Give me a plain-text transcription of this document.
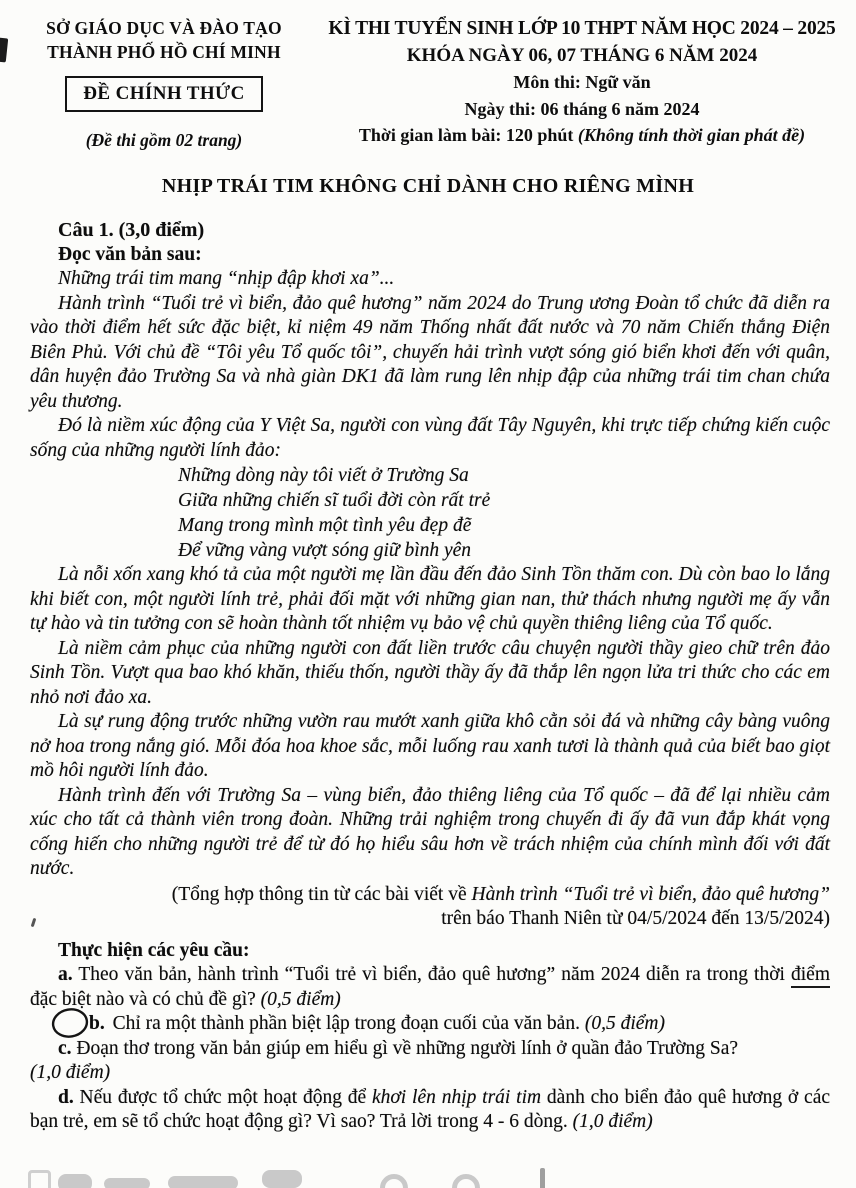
SỞ GIÁO DỤC VÀ ĐÀO TẠO
THÀNH PHỐ HỒ CHÍ MINH
ĐỀ CHÍNH THỨC
(Đề thi gồm 02 trang)
KÌ THI TUYỂN SINH LỚP 10 THPT NĂM HỌC 2024 – 2025
KHÓA NGÀY 06, 07 THÁNG 6 NĂM 2024
Môn thi: Ngữ văn
Ngày thi: 06 tháng 6 năm 2024
Thời gian làm bài: 120 phút (Không tính thời gian phát đề)
NHỊP TRÁI TIM KHÔNG CHỈ DÀNH CHO RIÊNG MÌNH
Câu 1. (3,0 điểm)
Đọc văn bản sau:

Những trái tim mang “nhịp đập khơi xa”...

Hành trình “Tuổi trẻ vì biển, đảo quê hương” năm 2024 do Trung ương Đoàn tổ chức đã diễn ra vào thời điểm hết sức đặc biệt, kỉ niệm 49 năm Thống nhất đất nước và 70 năm Chiến thắng Điện Biên Phủ. Với chủ đề “Tôi yêu Tổ quốc tôi”, chuyến hải trình vượt sóng gió biển khơi đến với quân, dân huyện đảo Trường Sa và nhà giàn DK1 đã làm rung lên nhịp đập của những trái tim chan chứa yêu thương.

Đó là niềm xúc động của Y Việt Sa, người con vùng đất Tây Nguyên, khi trực tiếp chứng kiến cuộc sống của những người lính đảo:

Những dòng này tôi viết ở Trường Sa
Giữa những chiến sĩ tuổi đời còn rất trẻ
Mang trong mình một tình yêu đẹp đẽ
Để vững vàng vượt sóng giữ bình yên

Là nỗi xốn xang khó tả của một người mẹ lần đầu đến đảo Sinh Tồn thăm con. Dù còn bao lo lắng khi biết con, một người lính trẻ, phải đối mặt với những gian nan, thử thách nhưng người mẹ ấy vẫn tự hào và tin tưởng con sẽ hoàn thành tốt nhiệm vụ bảo vệ chủ quyền thiêng liêng của Tổ quốc.

Là niềm cảm phục của những người con đất liền trước câu chuyện người thầy gieo chữ trên đảo Sinh Tồn. Vượt qua bao khó khăn, thiếu thốn, người thầy ấy đã thắp lên ngọn lửa tri thức cho các em nhỏ nơi đảo xa.

Là sự rung động trước những vườn rau mướt xanh giữa khô cằn sỏi đá và những cây bàng vuông nở hoa trong nắng gió. Mỗi đóa hoa khoe sắc, mỗi luống rau xanh tươi là thành quả của biết bao giọt mồ hôi người lính đảo.

Hành trình đến với Trường Sa – vùng biển, đảo thiêng liêng của Tổ quốc – đã để lại nhiều cảm xúc cho tất cả thành viên trong đoàn. Những trải nghiệm trong chuyến đi ấy đã vun đắp khát vọng cống hiến cho những người trẻ để từ đó họ hiểu sâu hơn về trách nhiệm của chính mình đối với đất nước.

(Tổng hợp thông tin từ các bài viết về Hành trình “Tuổi trẻ vì biển, đảo quê hương”
trên báo Thanh Niên từ 04/5/2024 đến 13/5/2024)
Thực hiện các yêu cầu:

a. Theo văn bản, hành trình “Tuổi trẻ vì biển, đảo quê hương” năm 2024 diễn ra trong thời điểm đặc biệt nào và có chủ đề gì? (0,5 điểm)

b. Chỉ ra một thành phần biệt lập trong đoạn cuối của văn bản. (0,5 điểm)

c. Đoạn thơ trong văn bản giúp em hiểu gì về những người lính ở quần đảo Trường Sa?
(1,0 điểm)

d. Nếu được tổ chức một hoạt động để khơi lên nhịp trái tim dành cho biển đảo quê hương ở các bạn trẻ, em sẽ tổ chức hoạt động gì? Vì sao? Trả lời trong 4 - 6 dòng. (1,0 điểm)
